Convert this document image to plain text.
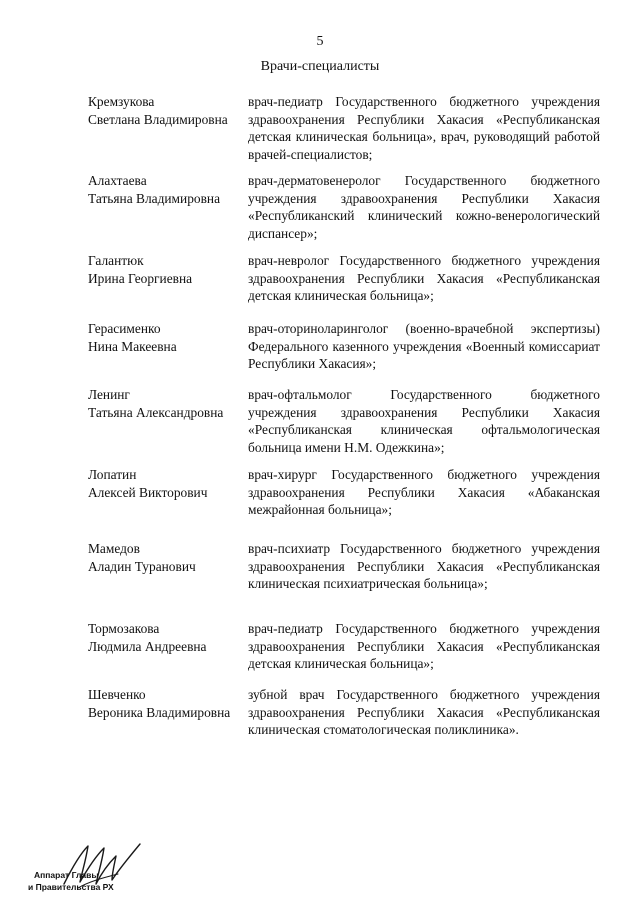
5
Врачи-специалисты
Кремзукова
Светлана Владимировна
врач-педиатр Государственного бюджетного учреждения здравоохранения Республики Хакасия «Республиканская детская клиническая больница», врач, руководящий работой врачей-специалистов;
Алахтаева
Татьяна Владимировна
врач-дерматовенеролог Государственного бюджетного учреждения здравоохранения Республики Хакасия «Республиканский клинический кожно-венерологический диспансер»;
Галантюк
Ирина Георгиевна
врач-невролог Государственного бюджетного учреждения здравоохранения Республики Хакасия «Республиканская детская клиническая больница»;
Герасименко
Нина Макеевна
врач-оториноларинголог (военно-врачебной экспертизы) Федерального казенного учреждения «Военный комиссариат Республики Хакасия»;
Ленинг
Татьяна Александровна
врач-офтальмолог Государственного бюджетного учреждения здравоохранения Республики Хакасия «Республиканская клиническая офтальмологическая больница имени Н.М. Одежкина»;
Лопатин
Алексей Викторович
врач-хирург Государственного бюджетного учреждения здравоохранения Республики Хакасия «Абаканская межрайонная больница»;
Мамедов
Аладин Туранович
врач-психиатр Государственного бюджетного учреждения здравоохранения Республики Хакасия «Республиканская клиническая психиатрическая больница»;
Тормозакова
Людмила Андреевна
врач-педиатр Государственного бюджетного учреждения здравоохранения Республики Хакасия «Республиканская детская клиническая больница»;
Шевченко
Вероника Владимировна
зубной врач Государственного бюджетного учреждения здравоохранения Республики Хакасия «Республиканская клиническая стоматологическая поликлиника».
Аппарат Главы
и Правительства РХ
